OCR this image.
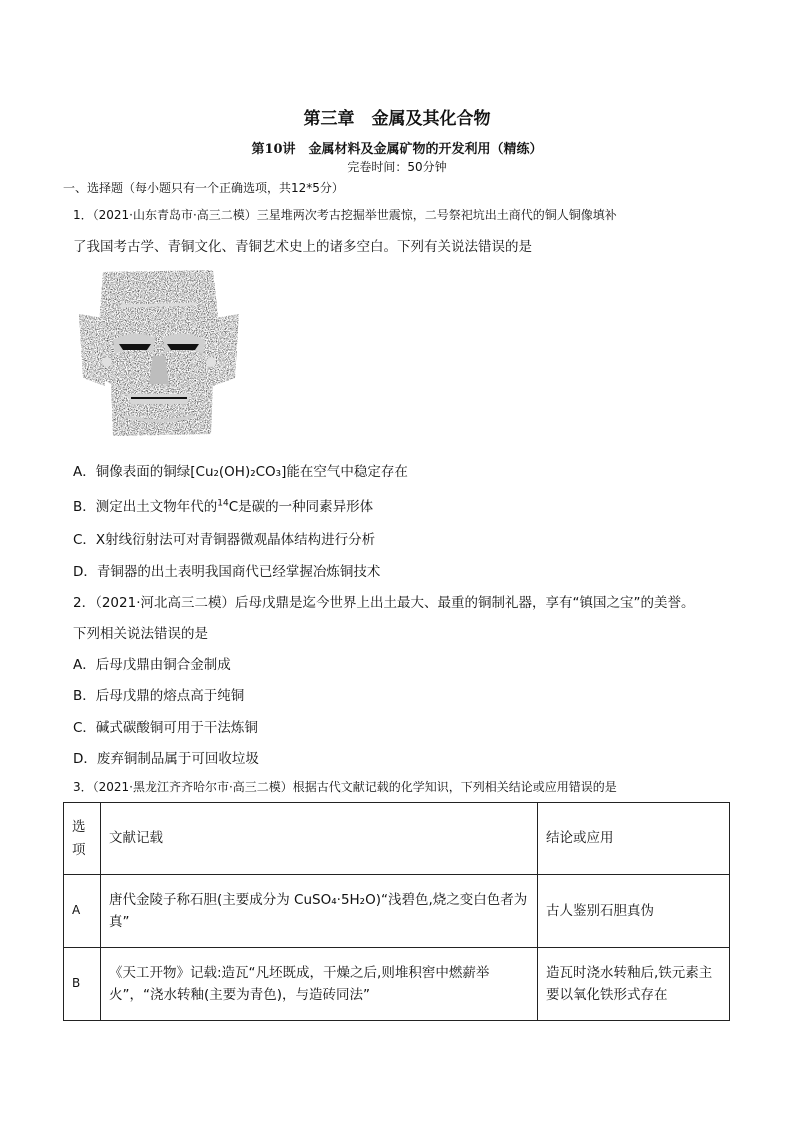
第三章　金属及其化合物
第10讲　金属材料及金属矿物的开发利用（精练）
完卷时间：50分钟
一、选择题（每小题只有一个正确选项，共12*5分）
1．（2021·山东青岛市·高三二模）三星堆两次考古挖掘举世震惊，二号祭祀坑出土商代的铜人铜像填补
了我国考古学、青铜文化、青铜艺术史上的诸多空白。下列有关说法错误的是
A．铜像表面的铜绿[Cu₂(OH)₂CO₃]能在空气中稳定存在
B．测定出土文物年代的$^{14}$C是碳的一种同素异形体
C．X射线衍射法可对青铜器微观晶体结构进行分析
D．青铜器的出土表明我国商代已经掌握冶炼铜技术
2．（2021·河北高三二模）后母戊鼎是迄今世界上出土最大、最重的铜制礼器，享有“镇国之宝”的美誉。
下列相关说法错误的是
A．后母戊鼎由铜合金制成
B．后母戊鼎的熔点高于纯铜
C．碱式碳酸铜可用于干法炼铜
D．废弃铜制品属于可回收垃圾
3．（2021·黑龙江齐齐哈尔市·高三二模）根据古代文献记载的化学知识，下列相关结论或应用错误的是
选项	文献记载	结论或应用
A	唐代金陵子称石胆(主要成分为 CuSO₄·5H₂O)“浅碧色,烧之变白色者为真”	古人鉴别石胆真伪
B	《天工开物》记载:造瓦“凡坯既成，干燥之后,则堆积窖中燃薪举火”，“浇水转釉(主要为青色)，与造砖同法”	造瓦时浇水转釉后,铁元素主要以氧化铁形式存在
